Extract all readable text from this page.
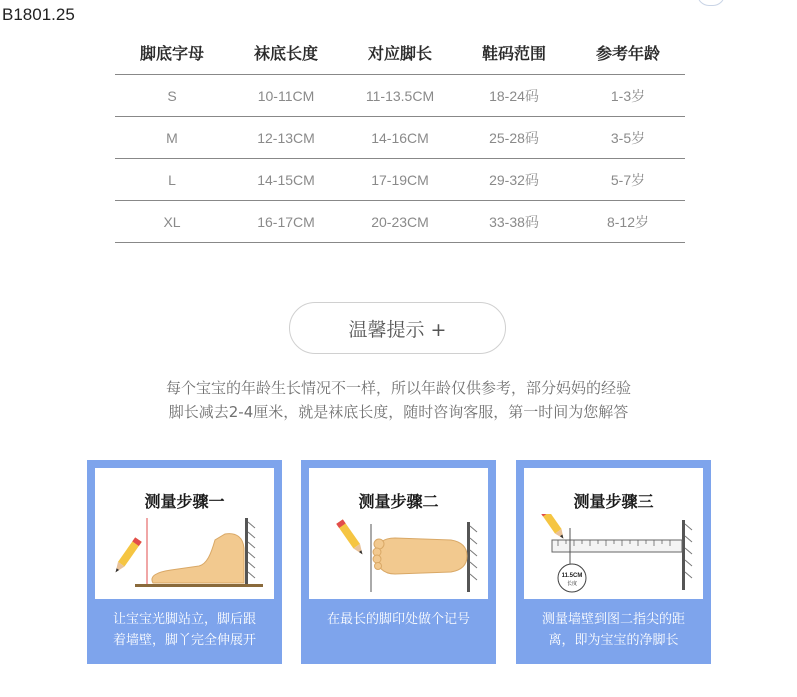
B1801.25
脚底字母	袜底长度	对应脚长	鞋码范围	参考年龄
S	10-11CM	11-13.5CM	18-24码	1-3岁
M	12-13CM	14-16CM	25-28码	3-5岁
L	14-15CM	17-19CM	29-32码	5-7岁
XL	16-17CM	20-23CM	33-38码	8-12岁
温馨提示 +
每个宝宝的年龄生长情况不一样，所以年龄仅供参考，部分妈妈的经验
脚长减去2-4厘米，就是袜底长度，随时咨询客服，第一时间为您解答
测量步骤一
让宝宝光脚站立，脚后跟
着墙壁，脚丫完全伸展开
测量步骤二
在最长的脚印处做个记号
测量步骤三
11.5CM
长度
测量墙壁到图二指尖的距
离，即为宝宝的净脚长
